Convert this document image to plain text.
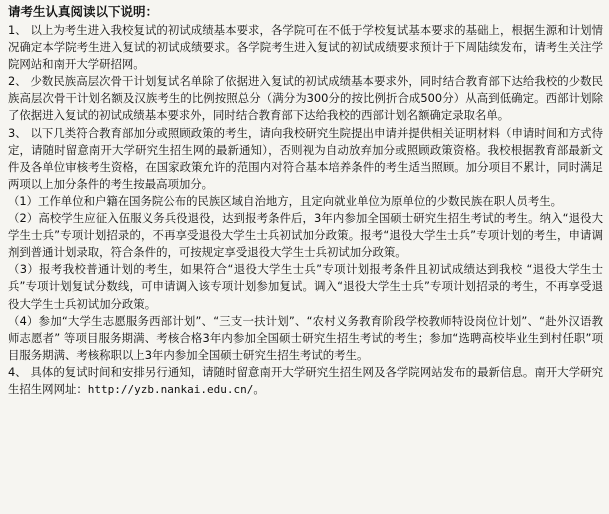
请考生认真阅读以下说明：

1、 以上为考生进入我校复试的初试成绩基本要求，各学院可在不低于学校复试基本要求的基础上，根据生源和计划情况确定本学院考生进入复试的初试成绩要求。各学院考生进入复试的初试成绩要求预计于下周陆续发布，请考生关注学院网站和南开大学研招网。

2、 少数民族高层次骨干计划复试名单除了依据进入复试的初试成绩基本要求外，同时结合教育部下达给我校的少数民族高层次骨干计划名额及汉族考生的比例按照总分（满分为300分的按比例折合成500分）从高到低确定。西部计划除了依据进入复试的初试成绩基本要求外，同时结合教育部下达给我校的西部计划名额确定录取名单。

3、 以下几类符合教育部加分或照顾政策的考生，请向我校研究生院提出申请并提供相关证明材料（申请时间和方式待定，请随时留意南开大学研究生招生网的最新通知），否则视为自动放弃加分或照顾政策资格。我校根据教育部最新文件及各单位审核考生资格，在国家政策允许的范围内对符合基本培养条件的考生适当照顾。加分项目不累计，同时满足两项以上加分条件的考生按最高项加分。

（1）工作单位和户籍在国务院公布的民族区域自治地方，且定向就业单位为原单位的少数民族在职人员考生。

（2）高校学生应征入伍服义务兵役退役，达到报考条件后，3年内参加全国硕士研究生招生考试的考生。纳入“退役大学生士兵”专项计划招录的，不再享受退役大学生士兵初试加分政策。报考“退役大学生士兵”专项计划的考生，申请调剂到普通计划录取，符合条件的，可按规定享受退役大学生士兵初试加分政策。

（3）报考我校普通计划的考生，如果符合“退役大学生士兵”专项计划报考条件且初试成绩达到我校 “退役大学生士兵”专项计划复试分数线，可申请调入该专项计划参加复试。调入“退役大学生士兵”专项计划招录的考生，不再享受退役大学生士兵初试加分政策。

（4）参加“大学生志愿服务西部计划”、“三支一扶计划”、“农村义务教育阶段学校教师特设岗位计划”、“赴外汉语教师志愿者” 等项目服务期满、考核合格3年内参加全国硕士研究生招生考试的考生；参加“选聘高校毕业生到村任职”项目服务期满、考核称职以上3年内参加全国硕士研究生招生考试的考生。

4、 具体的复试时间和安排另行通知，请随时留意南开大学研究生招生网及各学院网站发布的最新信息。南开大学研究生招生网网址：http://yzb.nankai.edu.cn/。
